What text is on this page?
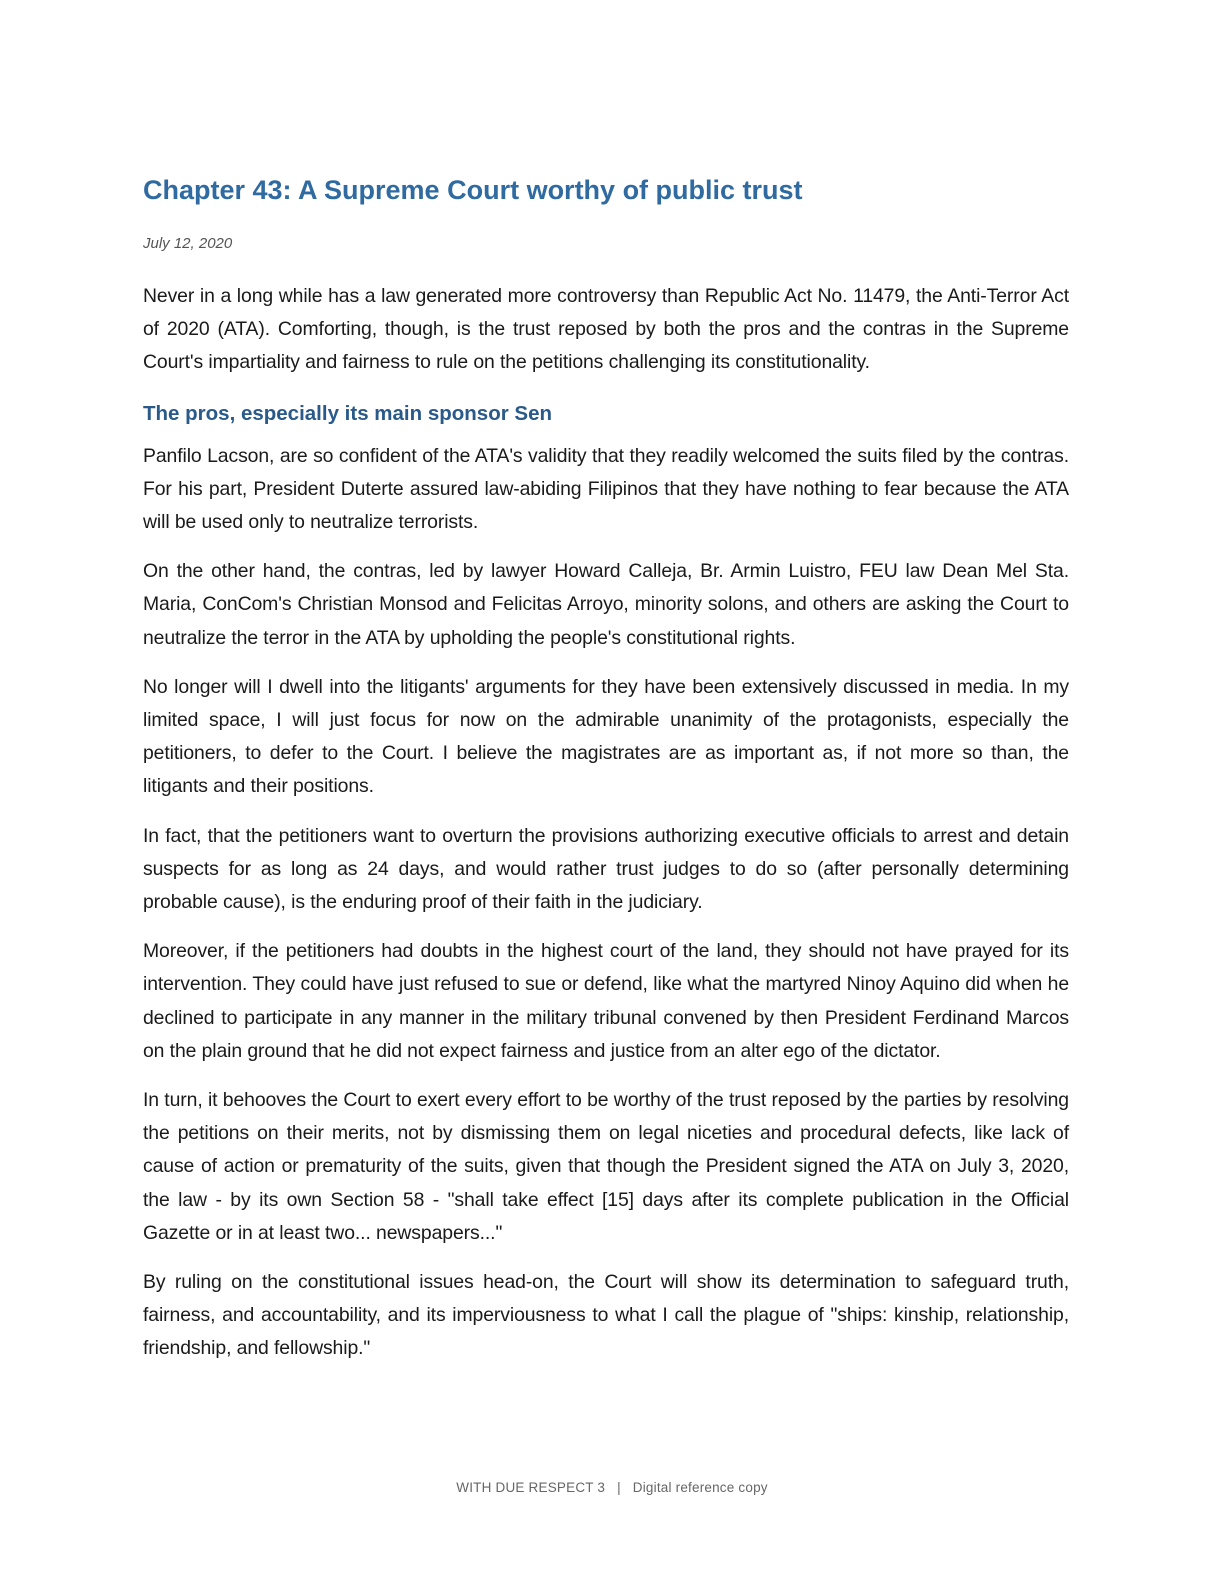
Chapter 43: A Supreme Court worthy of public trust
July 12, 2020

Never in a long while has a law generated more controversy than Republic Act No. 11479, the Anti-Terror Act of 2020 (ATA). Comforting, though, is the trust reposed by both the pros and the contras in the Supreme Court's impartiality and fairness to rule on the petitions challenging its constitutionality.

The pros, especially its main sponsor Sen

Panfilo Lacson, are so confident of the ATA's validity that they readily welcomed the suits filed by the contras. For his part, President Duterte assured law-abiding Filipinos that they have nothing to fear because the ATA will be used only to neutralize terrorists.

On the other hand, the contras, led by lawyer Howard Calleja, Br. Armin Luistro, FEU law Dean Mel Sta. Maria, ConCom's Christian Monsod and Felicitas Arroyo, minority solons, and others are asking the Court to neutralize the terror in the ATA by upholding the people's constitutional rights.

No longer will I dwell into the litigants' arguments for they have been extensively discussed in media. In my limited space, I will just focus for now on the admirable unanimity of the protagonists, especially the petitioners, to defer to the Court. I believe the magistrates are as important as, if not more so than, the litigants and their positions.

In fact, that the petitioners want to overturn the provisions authorizing executive officials to arrest and detain suspects for as long as 24 days, and would rather trust judges to do so (after personally determining probable cause), is the enduring proof of their faith in the judiciary.

Moreover, if the petitioners had doubts in the highest court of the land, they should not have prayed for its intervention. They could have just refused to sue or defend, like what the martyred Ninoy Aquino did when he declined to participate in any manner in the military tribunal convened by then President Ferdinand Marcos on the plain ground that he did not expect fairness and justice from an alter ego of the dictator.

In turn, it behooves the Court to exert every effort to be worthy of the trust reposed by the parties by resolving the petitions on their merits, not by dismissing them on legal niceties and procedural defects, like lack of cause of action or prematurity of the suits, given that though the President signed the ATA on July 3, 2020, the law - by its own Section 58 - "shall take effect [15] days after its complete publication in the Official Gazette or in at least two... newspapers..."

By ruling on the constitutional issues head-on, the Court will show its determination to safeguard truth, fairness, and accountability, and its imperviousness to what I call the plague of "ships: kinship, relationship, friendship, and fellowship."

WITH DUE RESPECT 3 | Digital reference copy
